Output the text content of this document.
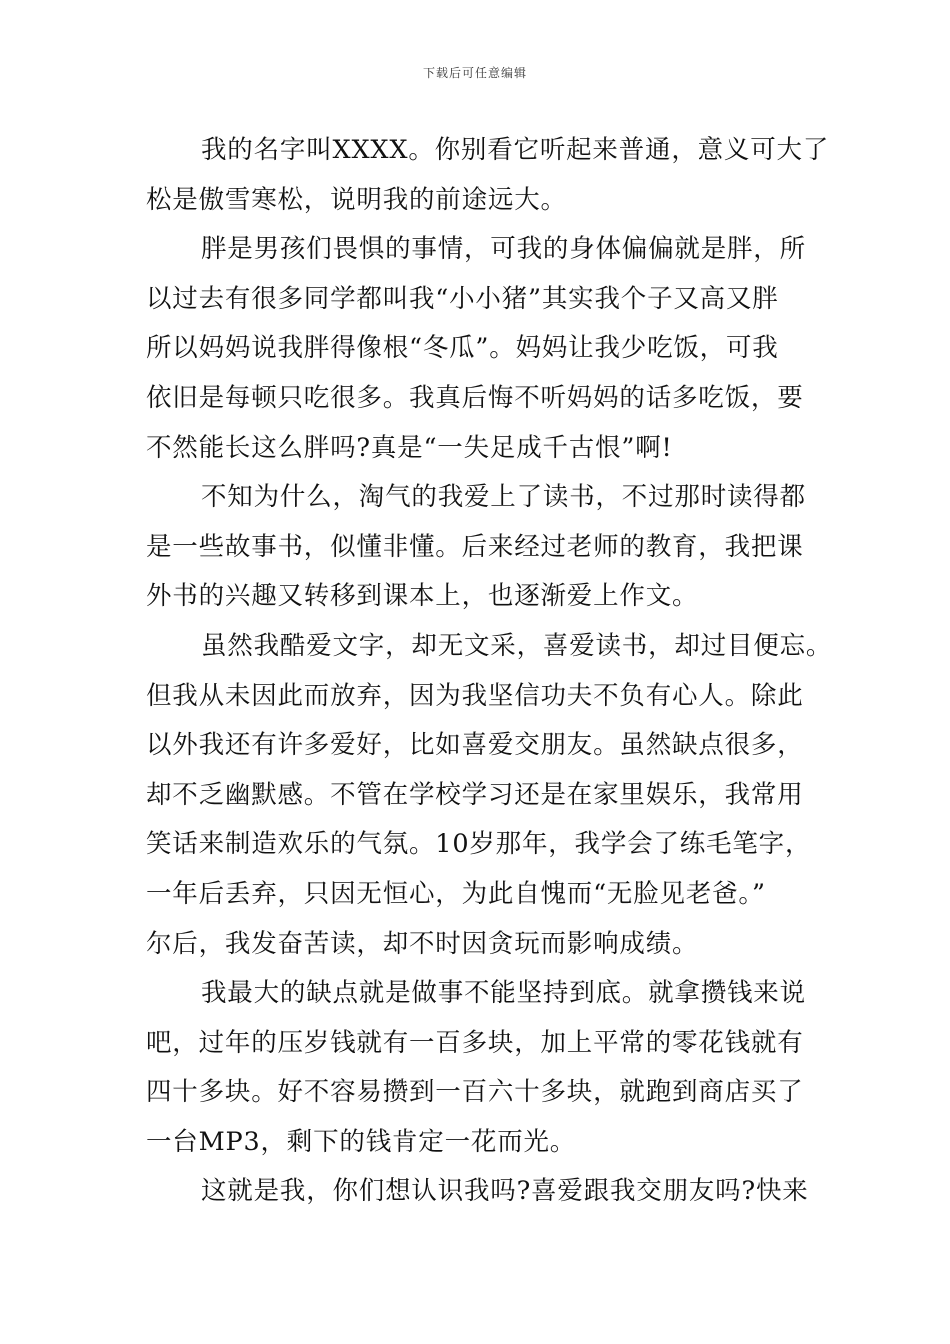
下载后可任意编辑
我的名字叫XXXX。你别看它听起来普通，意义可大了
松是傲雪寒松，说明我的前途远大。
胖是男孩们畏惧的事情，可我的身体偏偏就是胖，所
以过去有很多同学都叫我“小小猪”其实我个子又高又胖
所以妈妈说我胖得像根“冬瓜”。妈妈让我少吃饭，可我
依旧是每顿只吃很多。我真后悔不听妈妈的话多吃饭，要
不然能长这么胖吗?真是“一失足成千古恨”啊!
不知为什么，淘气的我爱上了读书，不过那时读得都
是一些故事书，似懂非懂。后来经过老师的教育，我把课
外书的兴趣又转移到课本上，也逐渐爱上作文。
虽然我酷爱文字，却无文采，喜爱读书，却过目便忘。
但我从未因此而放弃，因为我坚信功夫不负有心人。除此
以外我还有许多爱好，比如喜爱交朋友。虽然缺点很多，
却不乏幽默感。不管在学校学习还是在家里娱乐，我常用
笑话来制造欢乐的气氛。10岁那年，我学会了练毛笔字，
一年后丢弃，只因无恒心，为此自愧而“无脸见老爸。”
尔后，我发奋苦读，却不时因贪玩而影响成绩。
我最大的缺点就是做事不能坚持到底。就拿攒钱来说
吧，过年的压岁钱就有一百多块，加上平常的零花钱就有
四十多块。好不容易攒到一百六十多块，就跑到商店买了
一台MP3，剩下的钱肯定一花而光。
这就是我，你们想认识我吗?喜爱跟我交朋友吗?快来
